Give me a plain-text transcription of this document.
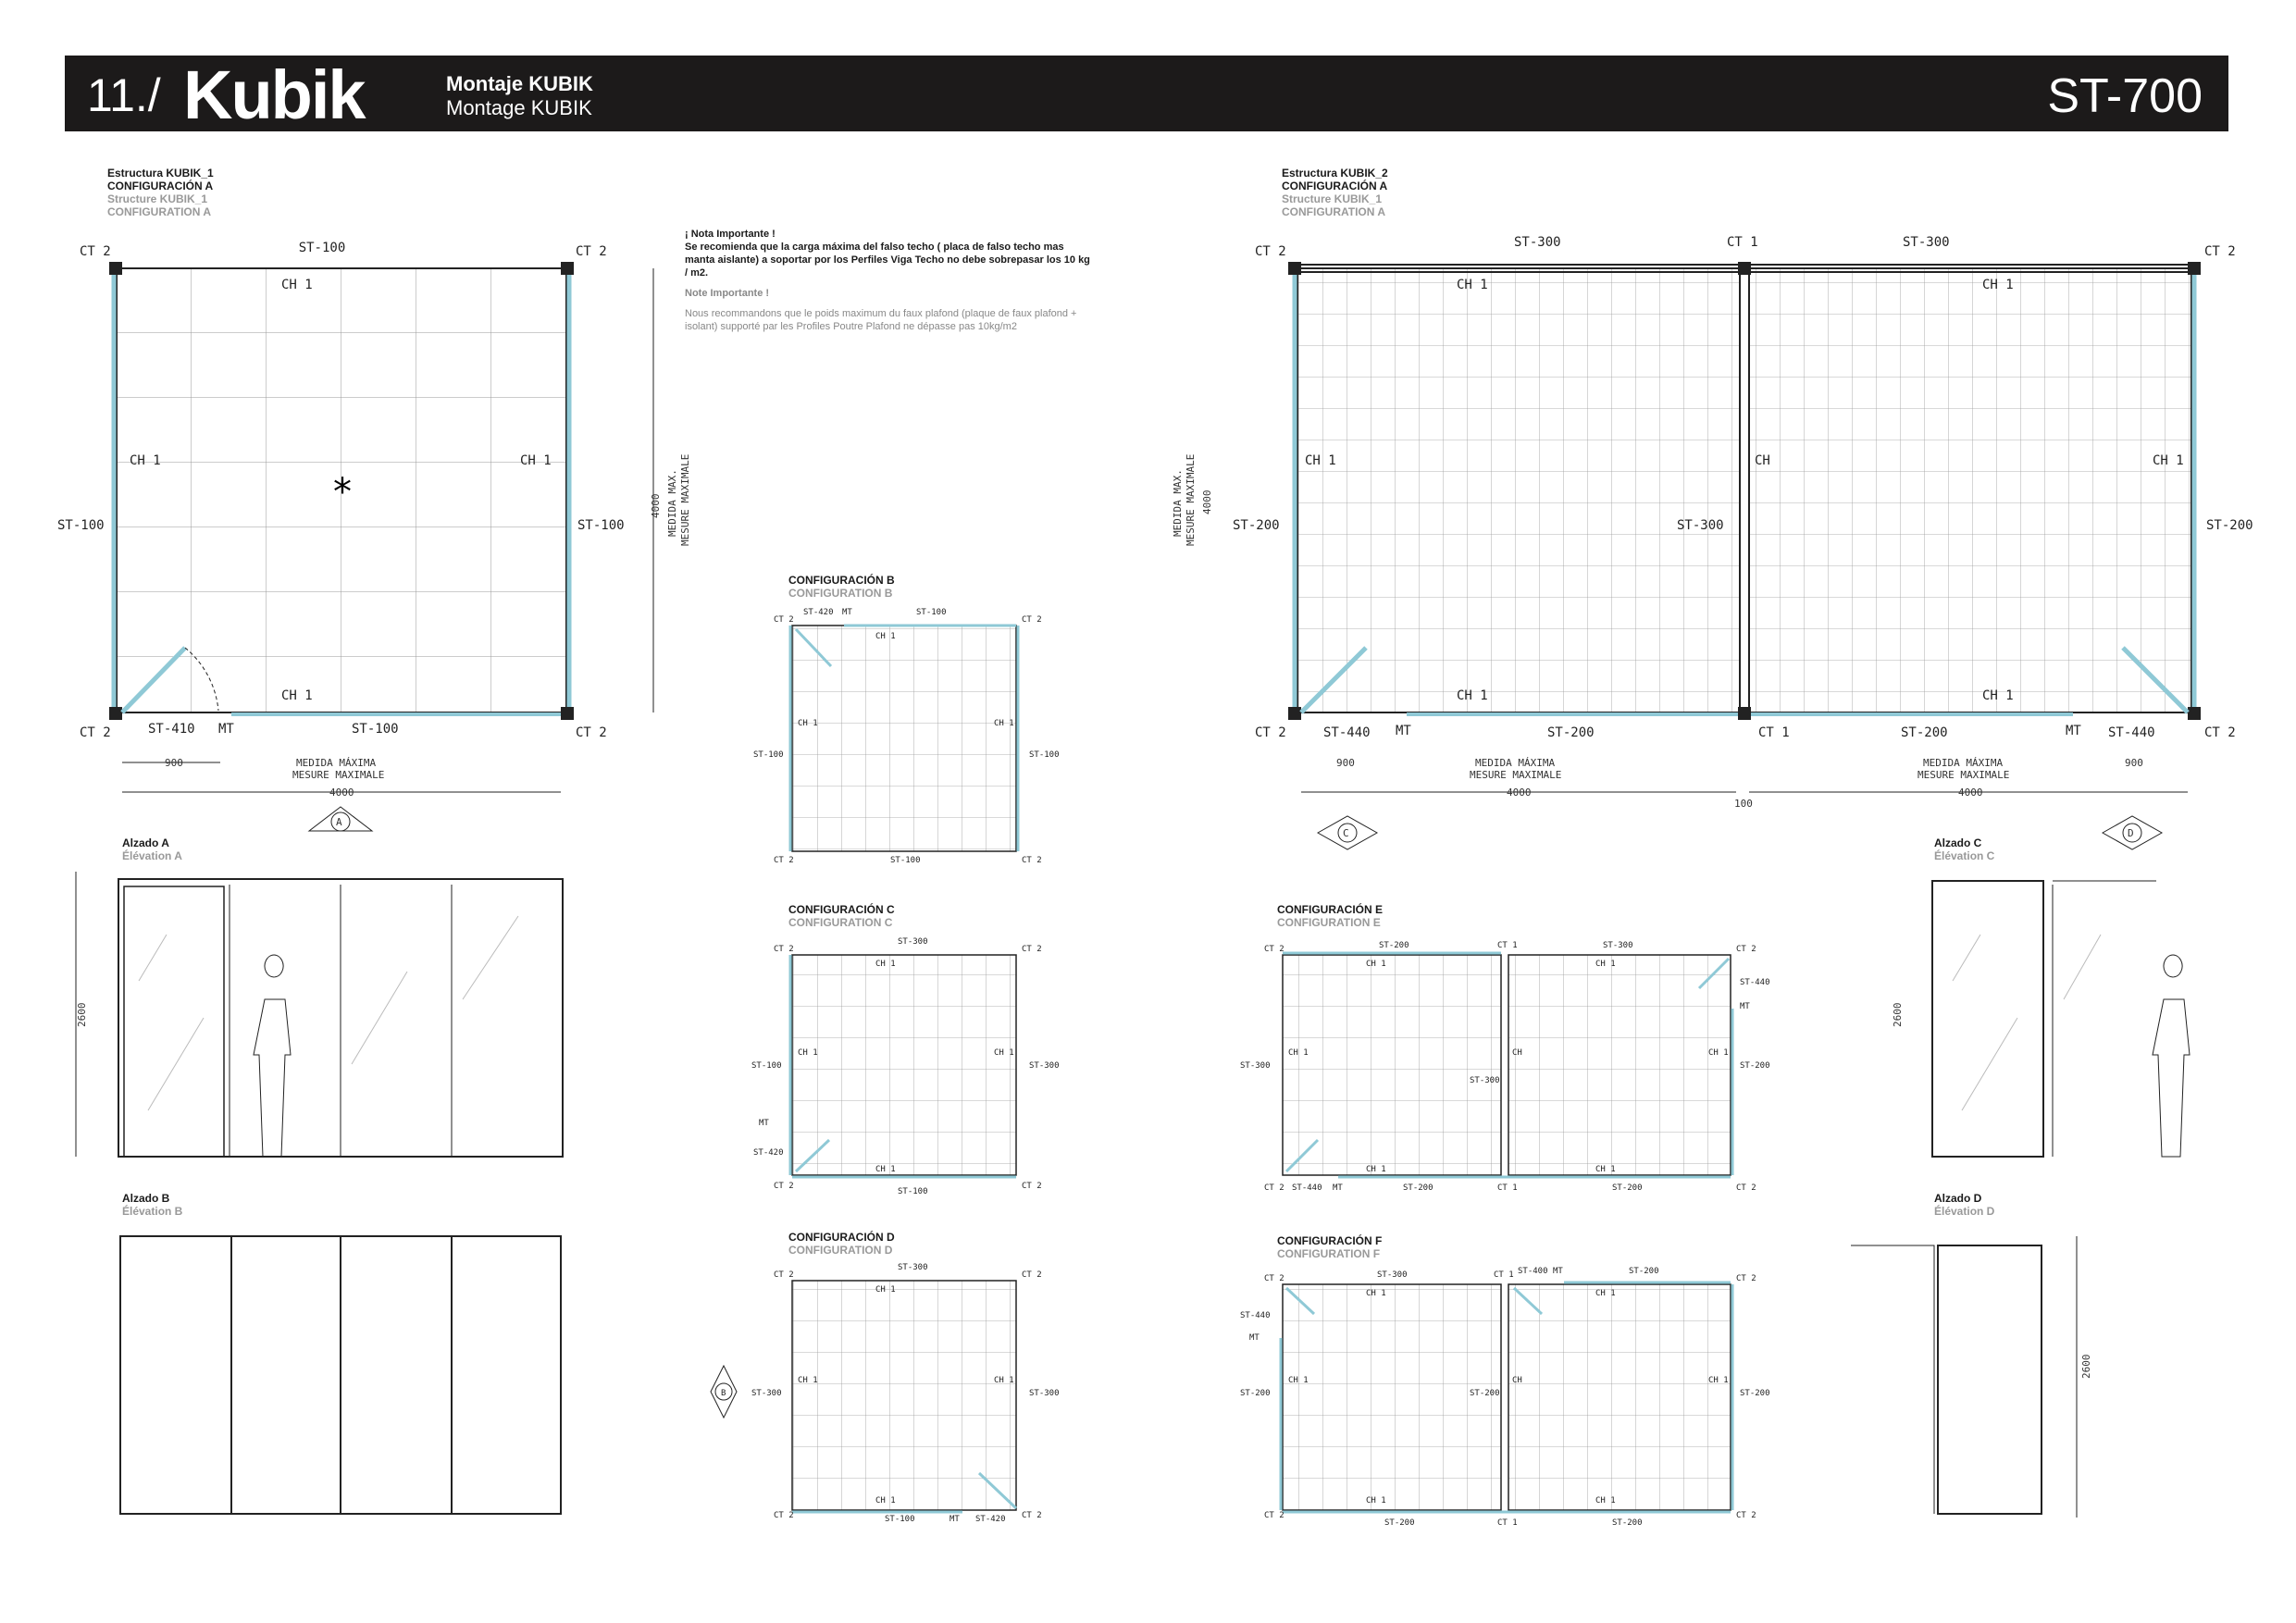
11./ Kubik	Montaje KUBIK
Montage KUBIK	ST-700
Estructura KUBIK_1
CONFIGURACIÓN A
Structure KUBIK_1
CONFIGURATION A
Estructura KUBIK_2
CONFIGURACIÓN A
Structure KUBIK_1
CONFIGURATION A
CONFIGURACIÓN B
CONFIGURATION B
CONFIGURACIÓN C
CONFIGURATION C
CONFIGURACIÓN D
CONFIGURATION D
CONFIGURACIÓN E
CONFIGURATION E
CONFIGURACIÓN F
CONFIGURATION F
Alzado A
Élévation A
Alzado B
Élévation B
Alzado C
Élévation C
Alzado D
Élévation D
¡ Nota Importante !
Se recomienda que la carga máxima del falso techo ( placa de falso techo mas manta aislante) a soportar por los Perfiles Viga Techo no debe sobrepasar los 10 kg / m2.
Note Importante !
Nous recommandons que le poids maximum du faux plafond (plaque de faux plafond + isolant) supporté par les Profiles Poutre Plafond ne dépasse pas 10kg/m2
ST-100
CT 2	CT 2
CT 2	CT 2
CH 1
CH 1
CH 1	CH 1
ST-100	ST-100
*
ST-410 MT	ST-100
900	MEDIDA MÁXIMA
MESURE MAXIMALE
4000
4000 MEDIDA MAX. MESURE MAXIMALE
A
ST-300	CT 1	ST-300
CT 2	CT 2
CH 1	CH 1
CH 1	CH	CH 1
ST-200	ST-300	ST-200
CH 1	CH 1
CT 2	ST-440 MT	ST-200	CT 1	ST-200	MT ST-440	CT 2
900	900
MEDIDA MÁXIMA
MESURE MAXIMALE
MEDIDA MÁXIMA
MESURE MAXIMALE
4000	4000
100
MEDIDA MAX. MESURE MAXIMALE 4000
C	D
CT 2	CT 2
CT 2	CT 2
ST-420 MT	ST-100
CH 1
CH 1	CH 1
ST-100	ST-100
ST-100
CT 2	CT 2
CT 2	CT 2
ST-300
CH 1
CH 1
CH 1	CH 1
ST-100	ST-300
MT
ST-420
ST-100
CT 2	CT 2
CT 2	CT 2
ST-300
CH 1
CH 1
CH 1	CH 1
ST-300	ST-300
ST-100	MT ST-420
B
CT 2	CT 1	CT 2
ST-200	ST-300
CH 1	CH 1
CH 1	CH	CH 1
ST-300
ST-300
ST-200
ST-440
MT
CH 1	CH 1
CT 2 ST-440 MT	ST-200	CT 1	ST-200	CT 2
CT 2	ST-300	CT 1 ST-400 MT	ST-200
CT 2
ST-440
MT
CH 1	CH 1
CH 1	CH	CH 1
ST-200	ST-200	ST-200
CH 1	CH 1
CT 2
ST-200	CT 1	ST-200
CT 2
2600	2600
2600
